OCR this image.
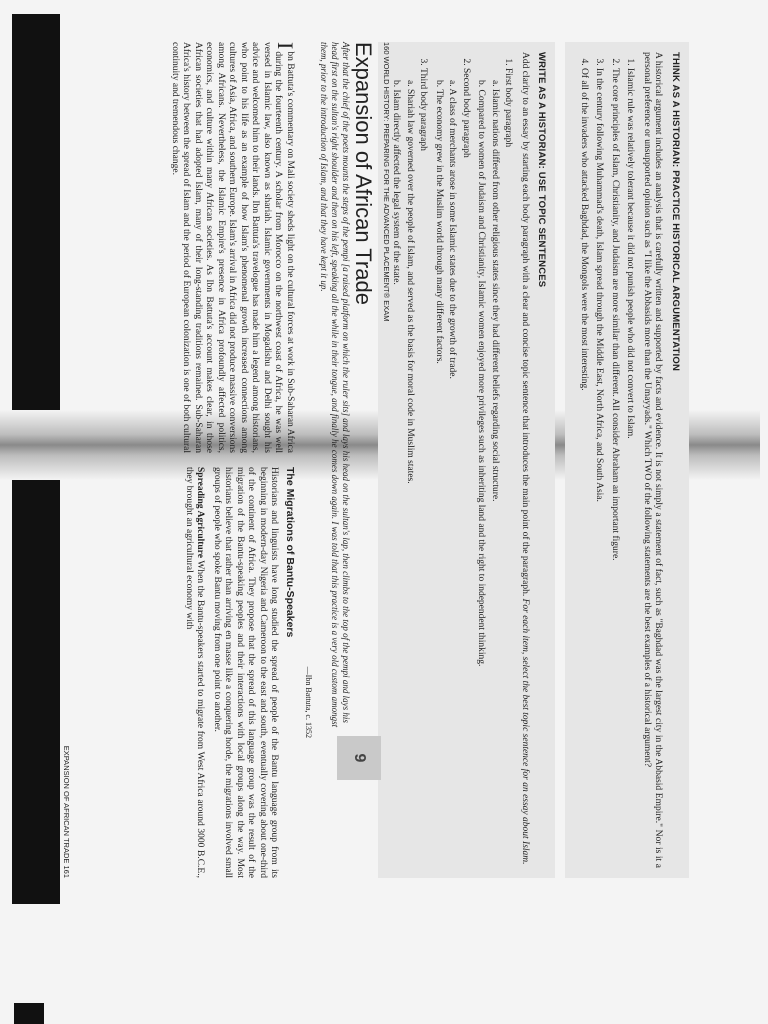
THINK AS A HISTORIAN: PRACTICE HISTORICAL ARGUMENTATION

A historical argument includes an analysis that is carefully written and supported by facts and evidence. It is not simply a statement of fact, such as "Baghdad was the largest city in the Abbasid Empire." Nor is it a personal preference or unsupported opinion such as "I like the Abbasids more than the Umayyads." Which TWO of the following statements are the best examples of a historical argument?

1. Islamic rule was relatively tolerant because it did not punish people who did not convert to Islam.
2. The core principles of Islam, Christianity, and Judaism are more similar than different. All consider Abraham an important figure.
3. In the century following Muhammad's death, Islam spread through the Middle East, North Africa, and South Asia.
4. Of all of the invaders who attacked Baghdad, the Mongols were the most interesting.
WRITE AS A HISTORIAN: USE TOPIC SENTENCES

Add clarity to an essay by starting each body paragraph with a clear and concise topic sentence that introduces the main point of the paragraph. For each item, select the best topic sentence for an essay about Islam.

1. First body paragraph
a. Islamic nations differed from other religious states since they had different beliefs regarding social structure.
b. Compared to women of Judaism and Christianity, Islamic women enjoyed more privileges such as inheriting land and the right to independent thinking.
2. Second body paragraph
a. A class of merchants arose in some Islamic states due to the growth of trade.
b. The economy grew in the Muslim world through many different factors.
3. Third body paragraph
a. Shariah law governed over the people of Islam, and served as the basis for moral code in Muslim states.
b. Islam directly affected the legal system of the state.
160 WORLD HISTORY: PREPARING FOR THE ADVANCED PLACEMENT® EXAM
9
Expansion of African Trade

After that the chief of the poets mounts the steps of the pempi [a raised platform on which the ruler sits] and lays his head on the sultan's lap, then climbs to the top of the pempi and lays his head first on the sultan's right shoulder and then on his left, speaking all the while in their tongue, and finally he comes down again. I was told that this practice is a very old custom amongst them, prior to the introduction of Islam, and that they have kept it up.

—Ibn Battuta, c. 1352

I
bn Battuta's commentary on Mali society sheds light on the cultural forces at work in Sub-Saharan Africa during the fourteenth century. A scholar from Morocco on the northwest coast of Africa, he was well versed in Islamic law, also known as shariah. Islamic governments in Mogadishu and Delhi sought his advice and welcomed him to their lands. Ibn Battuta's travelogue has made him a legend among historians, who point to his life as an example of how Islam's phenomenal growth increased connections among cultures of Asia, Africa, and southern Europe. Islam's arrival in Africa did not produce massive conversions among Africans. Nevertheless, the Islamic Empire's presence in Africa profoundly affected politics, economics, and culture within many African societies. As Ibn Battuta's account makes clear, in those African societies that had adopted Islam, many of their long-standing traditions remained. Sub-Saharan Africa's history between the spread of Islam and the period of European colonization is one of both cultural continuity and tremendous change.

The Migrations of Bantu-Speakers

Historians and linguists have long studied the spread of people of the Bantu language group from its beginning in modern-day Nigeria and Cameroon to the east and south, eventually covering about one-third of the continent of Africa. They propose that the spread of this language group was the result of the migration of the Bantu-speaking peoples and their interactions with local groups along the way. Most historians believe that rather than arriving en masse like a conquering horde, the migrations involved small groups of people who spoke Bantu moving from one point to another.

Spreading Agriculture When the Bantu-speakers started to migrate from West Africa around 3000 B.C.E., they brought an agricultural economy with

EXPANSION OF AFRICAN TRADE 161
